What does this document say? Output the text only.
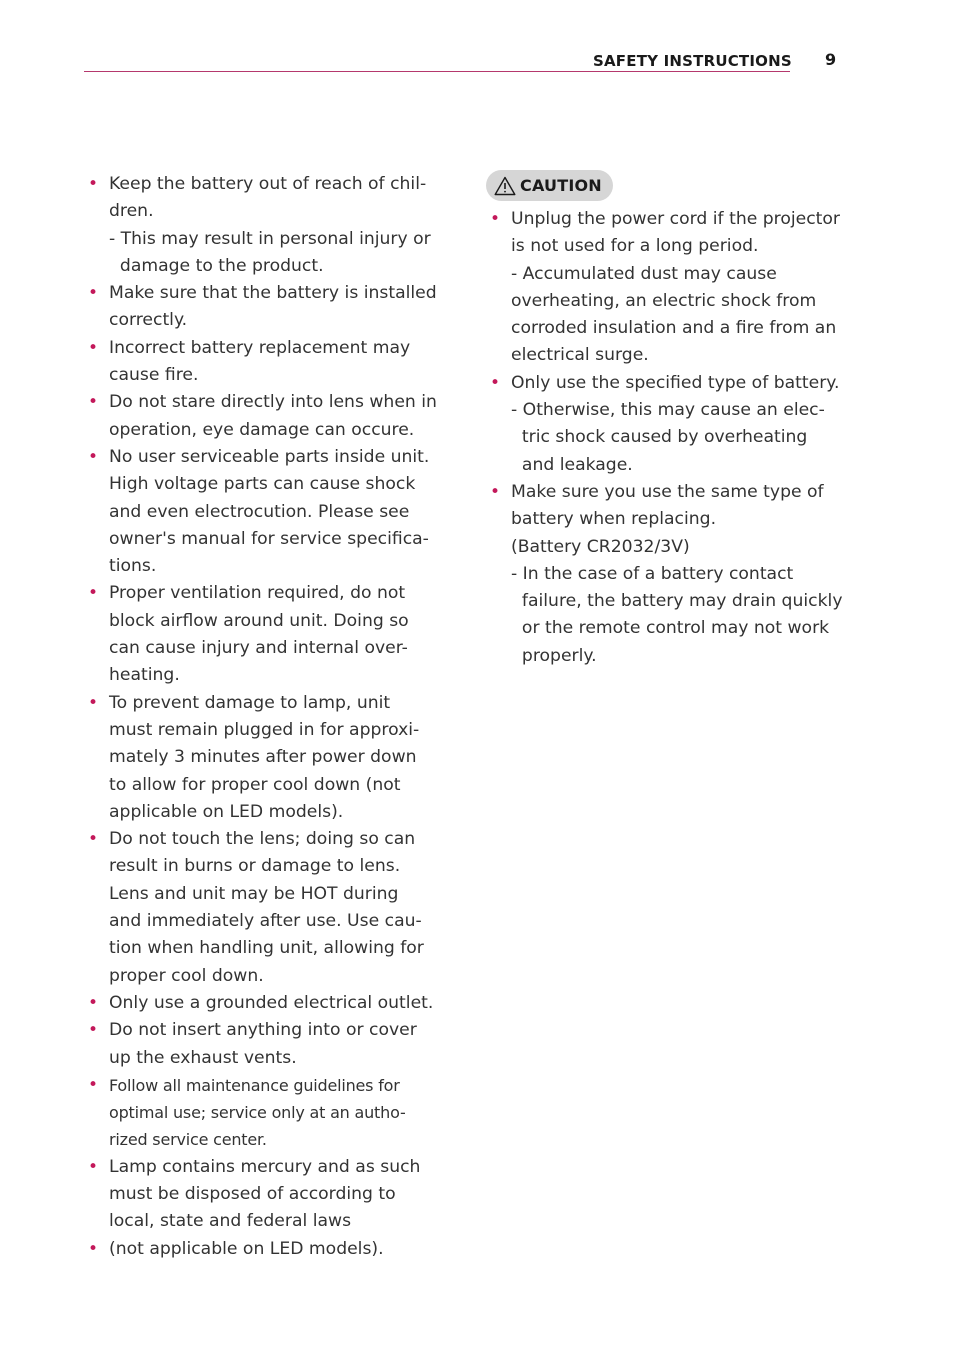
SAFETY INSTRUCTIONS 9
• Keep the battery out of reach of chil-
dren.
- This may result in personal injury or
damage to the product.
• Make sure that the battery is installed
correctly.
• Incorrect battery replacement may
cause fire.
• Do not stare directly into lens when in
operation, eye damage can occure.
• No user serviceable parts inside unit.
High voltage parts can cause shock
and even electrocution. Please see
owner's manual for service specifica-
tions.
• Proper ventilation required, do not
block airflow around unit. Doing so
can cause injury and internal over-
heating.
• To prevent damage to lamp, unit
must remain plugged in for approxi-
mately 3 minutes after power down
to allow for proper cool down (not
applicable on LED models).
• Do not touch the lens; doing so can
result in burns or damage to lens.
Lens and unit may be HOT during
and immediately after use. Use cau-
tion when handling unit, allowing for
proper cool down.
• Only use a grounded electrical outlet.
• Do not insert anything into or cover
up the exhaust vents.
• Follow all maintenance guidelines for
optimal use; service only at an autho-
rized service center.
• Lamp contains mercury and as such
must be disposed of according to
local, state and federal laws
• (not applicable on LED models).
CAUTION
• Unplug the power cord if the projector
is not used for a long period.
- Accumulated dust may cause
overheating, an electric shock from
corroded insulation and a fire from an
electrical surge.
• Only use the specified type of battery.
- Otherwise, this may cause an elec-
tric shock caused by overheating
and leakage.
• Make sure you use the same type of
battery when replacing.
(Battery CR2032/3V)
- In the case of a battery contact
failure, the battery may drain quickly
or the remote control may not work
properly.
